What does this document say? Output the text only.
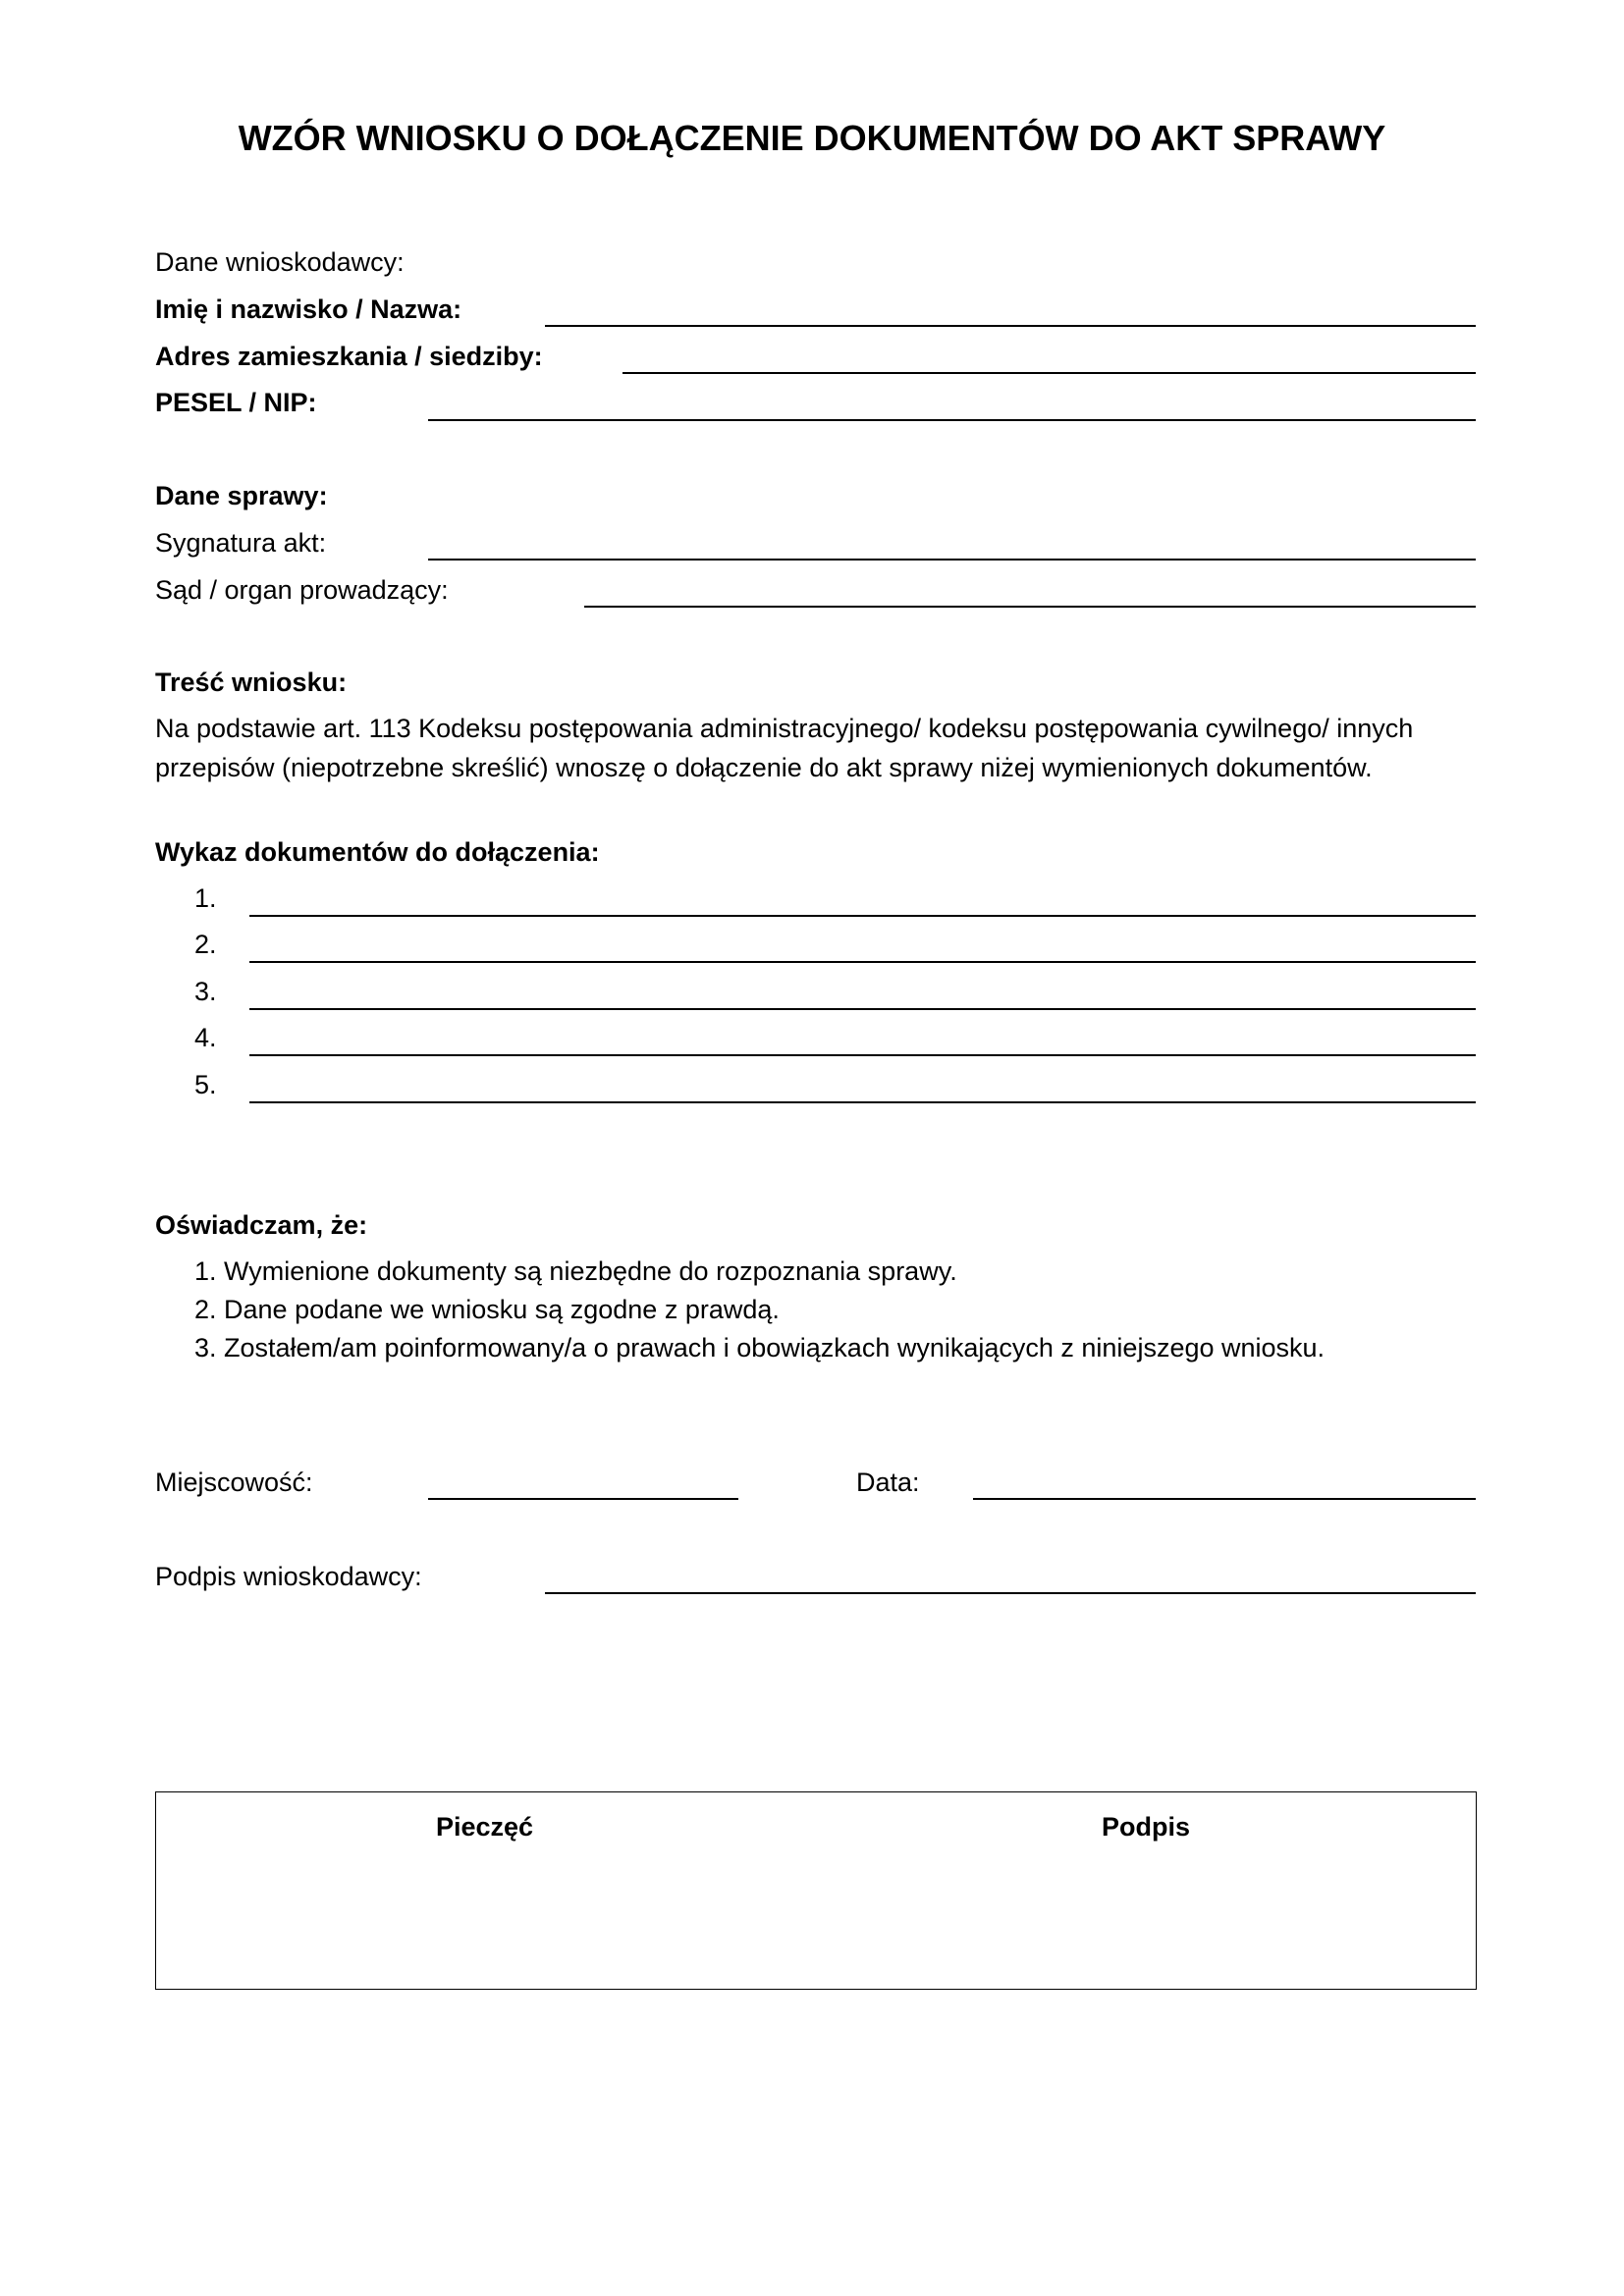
WZÓR WNIOSKU O DOŁĄCZENIE DOKUMENTÓW DO AKT SPRAWY
Dane wnioskodawcy:
Imię i nazwisko / Nazwa:
Adres zamieszkania / siedziby:
PESEL / NIP:
Dane sprawy:
Sygnatura akt:
Sąd / organ prowadzący:
Treść wniosku:
Na podstawie art. 113 Kodeksu postępowania administracyjnego/ kodeksu postępowania cywilnego/ innych
przepisów (niepotrzebne skreślić) wnoszę o dołączenie do akt sprawy niżej wymienionych dokumentów.
Wykaz dokumentów do dołączenia:
1.
2.
3.
4.
5.
Oświadczam, że:
1. Wymienione dokumenty są niezbędne do rozpoznania sprawy.
2. Dane podane we wniosku są zgodne z prawdą.
3. Zostałem/am poinformowany/a o prawach i obowiązkach wynikających z niniejszego wniosku.
Miejscowość:	Data:
Podpis wnioskodawcy:
Pieczęć	Podpis
